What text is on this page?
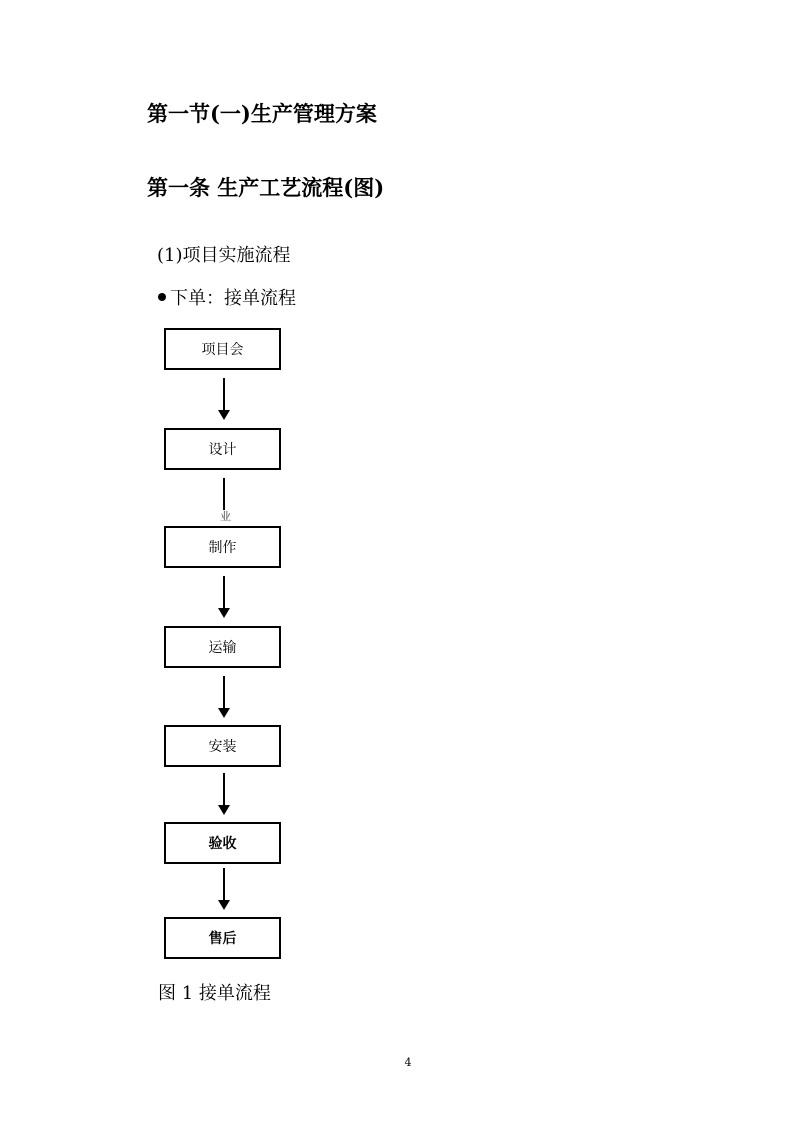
第一节(一)生产管理方案
第一条 生产工艺流程(图)
(1)项目实施流程
下单：接单流程
项目会
设计
业
制作
运输
安装
验收
售后
图 1 接单流程
4
